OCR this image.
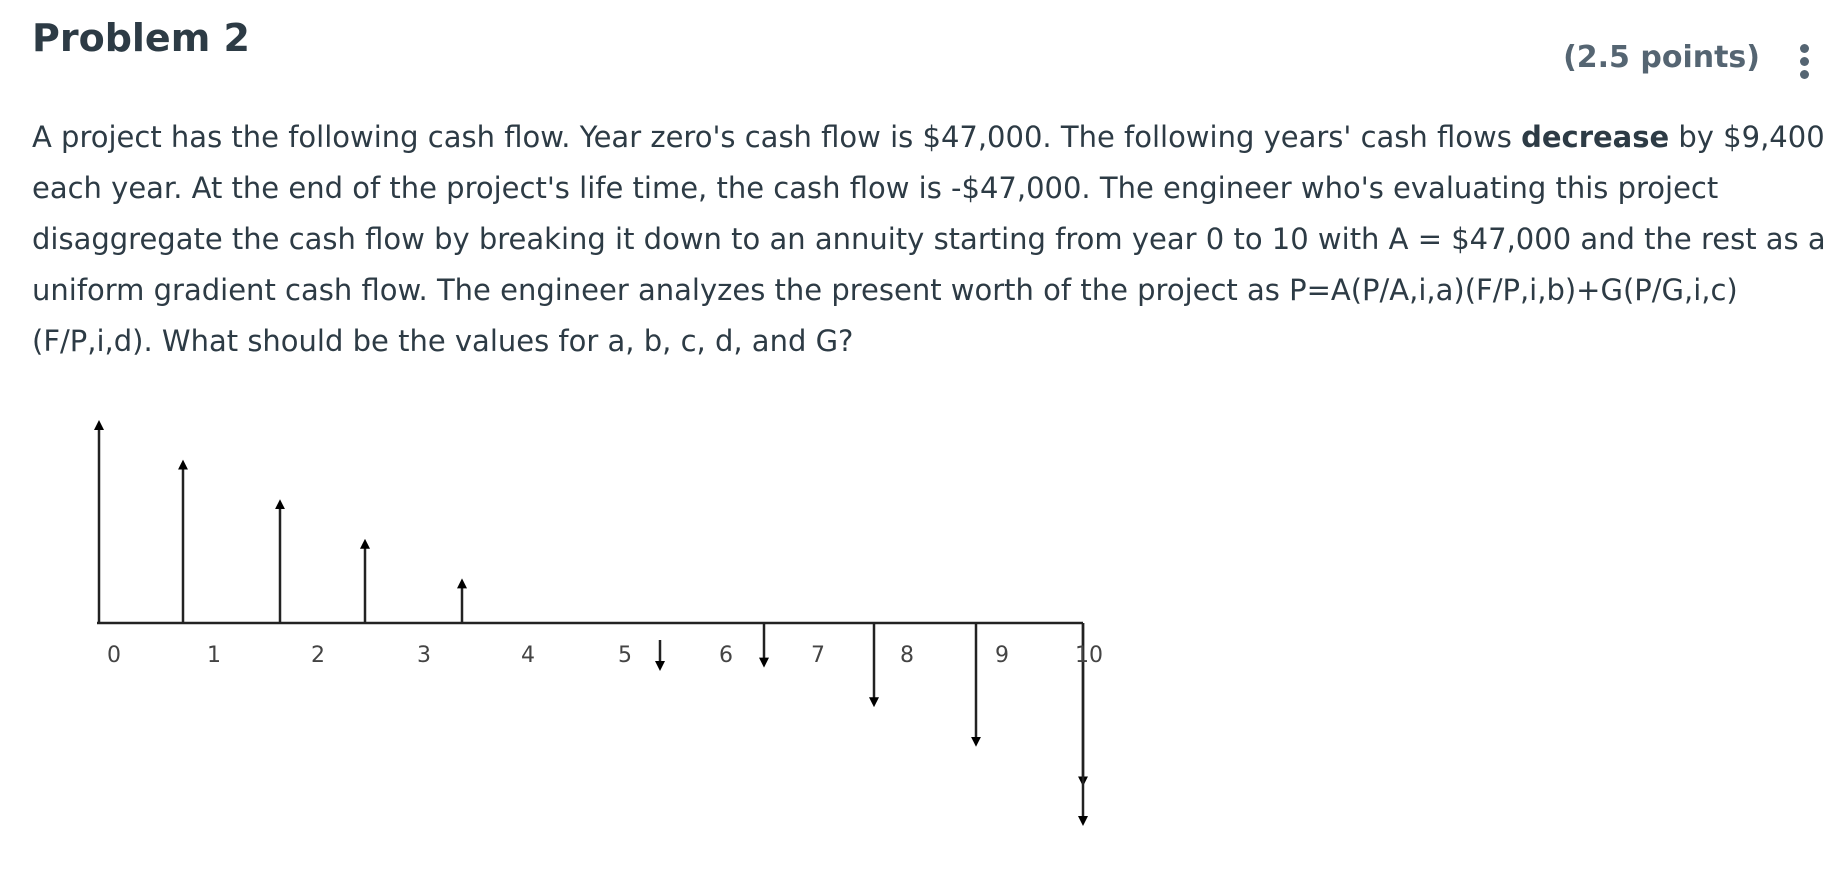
Problem 2	(2.5 points)

A project has the following cash flow. Year zero's cash flow is $47,000. The following years' cash flows decrease by $9,400 each year. At the end of the project's life time, the cash flow is -$47,000. The engineer who's evaluating this project disaggregate the cash flow by breaking it down to an annuity starting from year 0 to 10 with A = $47,000 and the rest as a uniform gradient cash flow. The engineer analyzes the present worth of the project as P=A(P/A,i,a)(F/P,i,b)+G(P/G,i,c)(F/P,i,d). What should be the values for a, b, c, d, and G?

0	1	2	3	4	5	6	7	8	9	10
